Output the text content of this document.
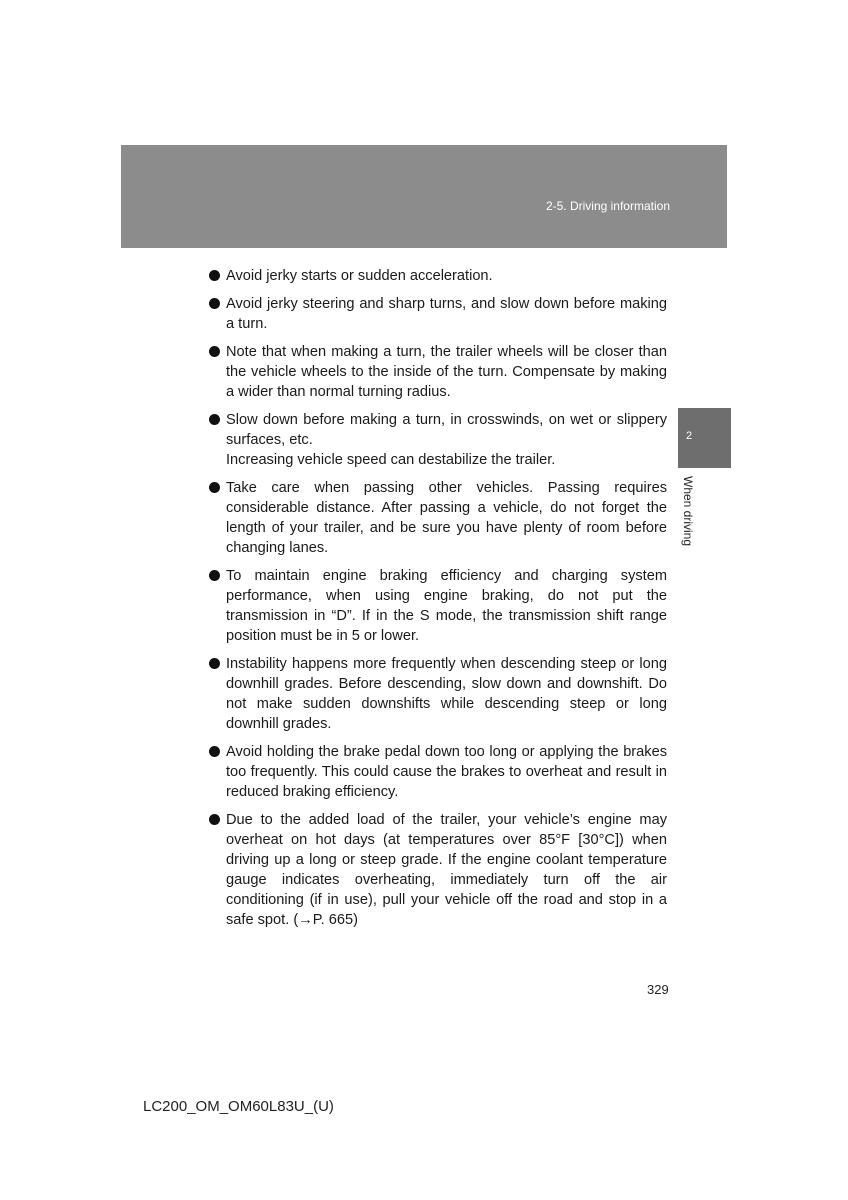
2-5. Driving information
2
When driving

Avoid jerky starts or sudden acceleration.

Avoid jerky steering and sharp turns, and slow down before making a turn.

Note that when making a turn, the trailer wheels will be closer than the vehicle wheels to the inside of the turn. Compensate by making a wider than normal turning radius.

Slow down before making a turn, in crosswinds, on wet or slippery surfaces, etc.

Increasing vehicle speed can destabilize the trailer.

Take care when passing other vehicles. Passing requires considerable distance. After passing a vehicle, do not forget the length of your trailer, and be sure you have plenty of room before changing lanes.

To maintain engine braking efficiency and charging system performance, when using engine braking, do not put the transmission in “D”. If in the S mode, the transmission shift range position must be in 5 or lower.

Instability happens more frequently when descending steep or long downhill grades. Before descending, slow down and downshift. Do not make sudden downshifts while descending steep or long downhill grades.

Avoid holding the brake pedal down too long or applying the brakes too frequently. This could cause the brakes to overheat and result in reduced braking efficiency.

Due to the added load of the trailer, your vehicle’s engine may overheat on hot days (at temperatures over 85°F [30°C]) when driving up a long or steep grade. If the engine coolant temperature gauge indicates overheating, immediately turn off the air conditioning (if in use), pull your vehicle off the road and stop in a safe spot. (→P. 665)

329
LC200_OM_OM60L83U_(U)
